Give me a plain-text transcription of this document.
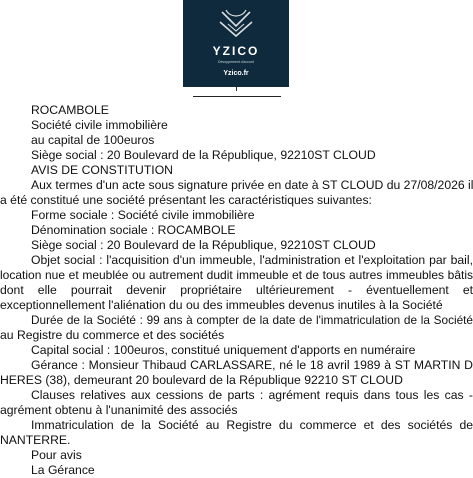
YZICO
Dévoppement d'accord
Yzico.fr
ROCAMBOLE
Société civile immobilière
au capital de 100euros
Siège social : 20 Boulevard de la République, 92210ST CLOUD
AVIS DE CONSTITUTION
Aux termes d'un acte sous signature privée en date à ST CLOUD du 27/08/2026 il
a été constitué une société présentant les caractéristiques suivantes:
Forme sociale : Société civile immobilière
Dénomination sociale : ROCAMBOLE
Siège social : 20 Boulevard de la République, 92210ST CLOUD
Objet social : l'acquisition d'un immeuble, l'administration et l'exploitation par bail,
location nue et meublée ou autrement dudit immeuble et de tous autres immeubles bâtis
dont elle pourrait devenir propriétaire ultérieurement - éventuellement et
exceptionnellement l'aliénation du ou des immeubles devenus inutiles à la Société
Durée de la Société : 99 ans à compter de la date de l'immatriculation de la Société
au Registre du commerce et des sociétés
Capital social : 100euros, constitué uniquement d'apports en numéraire
Gérance : Monsieur Thibaud CARLASSARE, né le 18 avril 1989 à ST MARTIN D
HERES (38), demeurant 20 boulevard de la République 92210 ST CLOUD
Clauses relatives aux cessions de parts : agrément requis dans tous les cas -
agrément obtenu à l'unanimité des associés
Immatriculation de la Société au Registre du commerce et des sociétés de
NANTERRE.
Pour avis
La Gérance
